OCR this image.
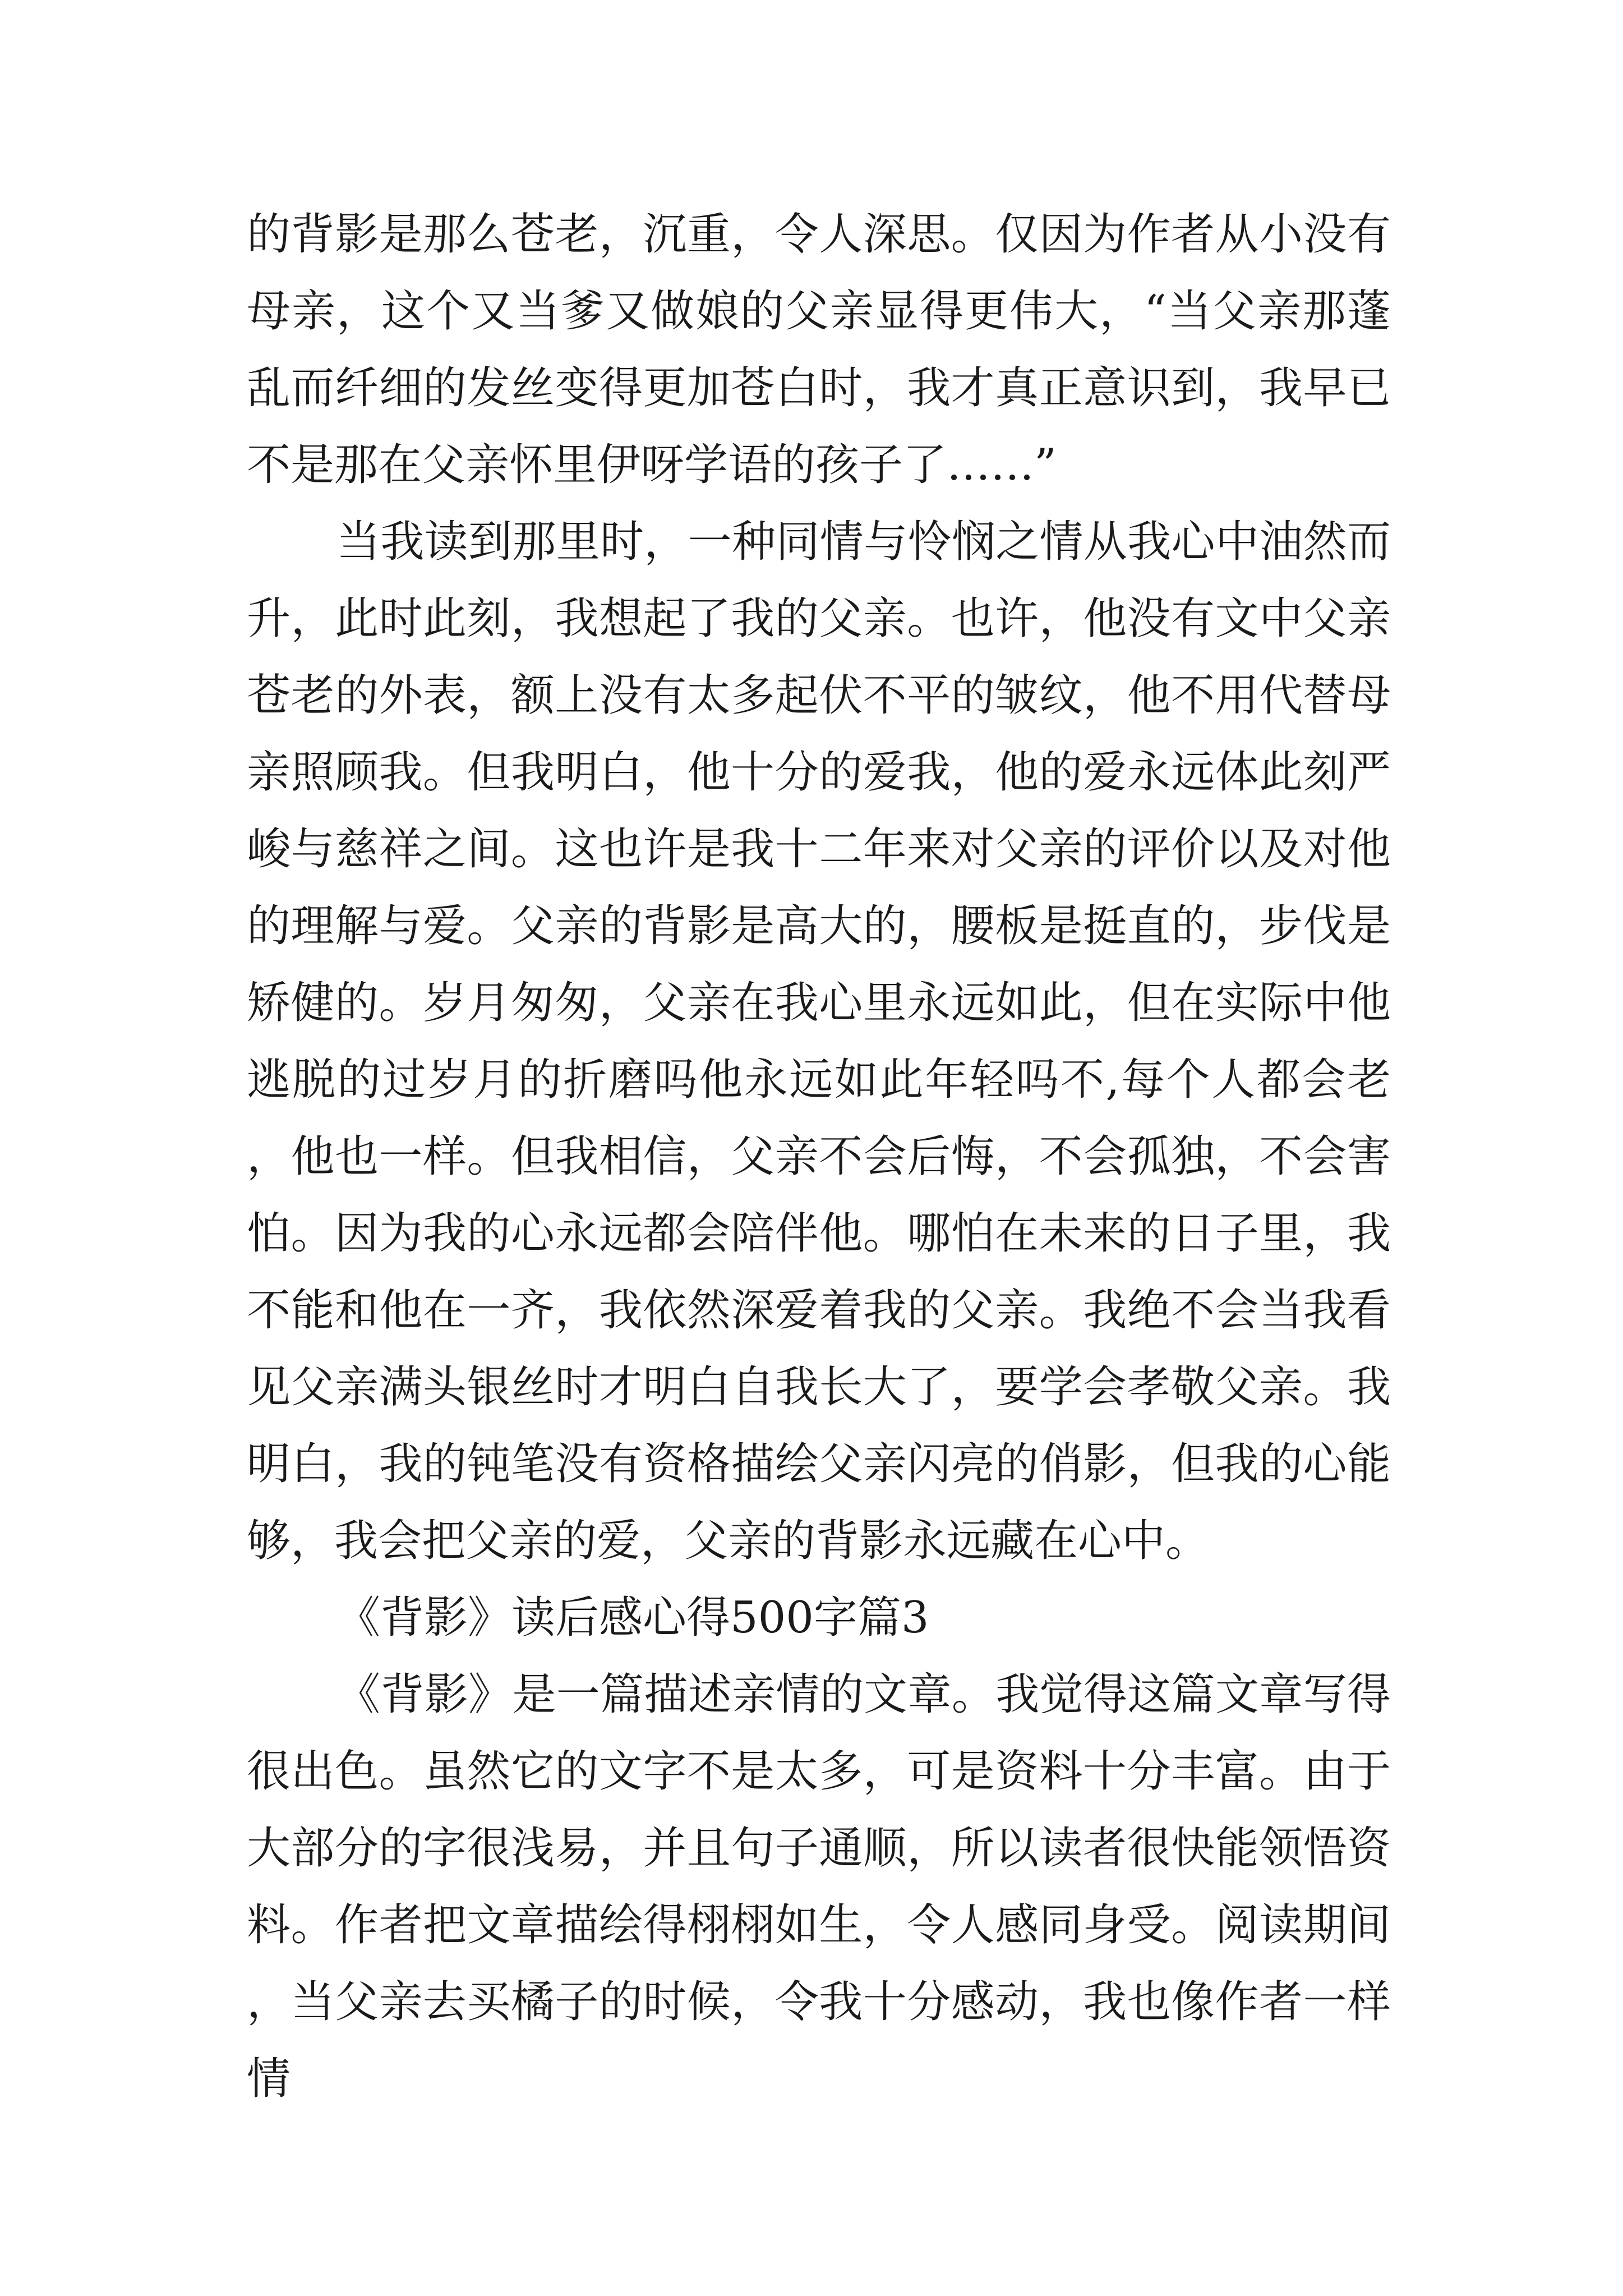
的背影是那么苍老，沉重，令人深思。仅因为作者从小没有母亲，这个又当爹又做娘的父亲显得更伟大，“当父亲那蓬乱而纤细的发丝变得更加苍白时，我才真正意识到，我早已不是那在父亲怀里伊呀学语的孩子了……”

当我读到那里时，一种同情与怜悯之情从我心中油然而升，此时此刻，我想起了我的父亲。也许，他没有文中父亲苍老的外表，额上没有太多起伏不平的皱纹，他不用代替母亲照顾我。但我明白，他十分的爱我，他的爱永远体此刻严峻与慈祥之间。这也许是我十二年来对父亲的评价以及对他的理解与爱。父亲的背影是高大的，腰板是挺直的，步伐是矫健的。岁月匆匆，父亲在我心里永远如此，但在实际中他逃脱的过岁月的折磨吗他永远如此年轻吗不,每个人都会老，他也一样。但我相信，父亲不会后悔，不会孤独，不会害怕。因为我的心永远都会陪伴他。哪怕在未来的日子里，我不能和他在一齐，我依然深爱着我的父亲。我绝不会当我看见父亲满头银丝时才明白自我长大了，要学会孝敬父亲。我明白，我的钝笔没有资格描绘父亲闪亮的俏影，但我的心能够，我会把父亲的爱，父亲的背影永远藏在心中。

《背影》读后感心得500字篇3

《背影》是一篇描述亲情的文章。我觉得这篇文章写得很出色。虽然它的文字不是太多，可是资料十分丰富。由于大部分的字很浅易，并且句子通顺，所以读者很快能领悟资料。作者把文章描绘得栩栩如生，令人感同身受。阅读期间，当父亲去买橘子的时候，令我十分感动，我也像作者一样情
